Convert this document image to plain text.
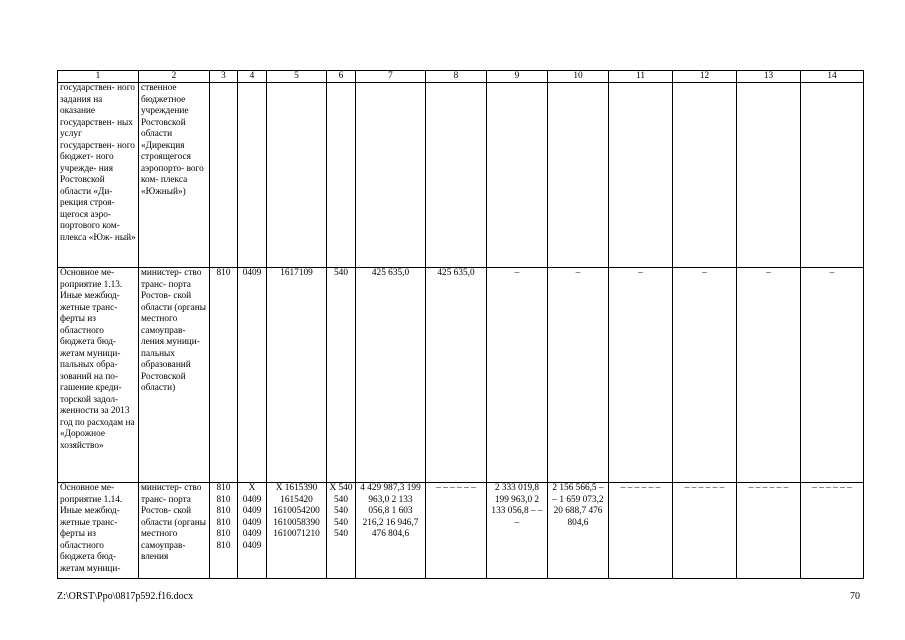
1	2	3	4	5	6	7	8	9	10	11	12	13	14
государствен- ного задания на оказание государствен- ных услуг государствен- ного бюджет- ного учрежде- ния Ростовской области «Ди- рекция строя- щегося аэро- портового ком- плекса «Юж- ный»	ственное бюджетное учреждение Ростовской области «Дирекция строящегося аэропорто- вого ком- плекса «Южный»)												
Основное ме- роприятие 1.13. Иные межбюд- жетные транс- ферты из областного бюджета бюд- жетам муници- пальных обра- зований на по- гашение креди- торской задол- женности за 2013 год по расходам на «Дорожное хозяйство»	министер- ство транс- порта Ростов- ской области (органы местного самоуправ- ления муници- пальных образований Ростовской области)	810	0409	1617109	540	425 635,0	425 635,0	–	–	–	–	–	–
Основное ме- роприятие 1.14. Иные межбюд- жетные транс- ферты из областного бюджета бюд- жетам муници-	министер- ство транс- порта Ростов- ской области (органы местного самоуправ- вления	810 810 810 810 810 810	X 0409 0409 0409 0409 0409	X 1615390 1615420 1610054200 1610058390 1610071210	X 540 540 540 540 540	4 429 987,3 199 963,0 2 133 056,8 1 603 216,2 16 946,7 476 804,6	– – – – – –	2 333 019,8 199 963,0 2 133 056,8 – – –	2 156 566,5 – – 1 659 073,2 20 688,7 476 804,6	– – – – – –	– – – – – –	– – – – – –	– – – – – –
Z:\ORST\Ppo\0817p592.f16.docx	70
